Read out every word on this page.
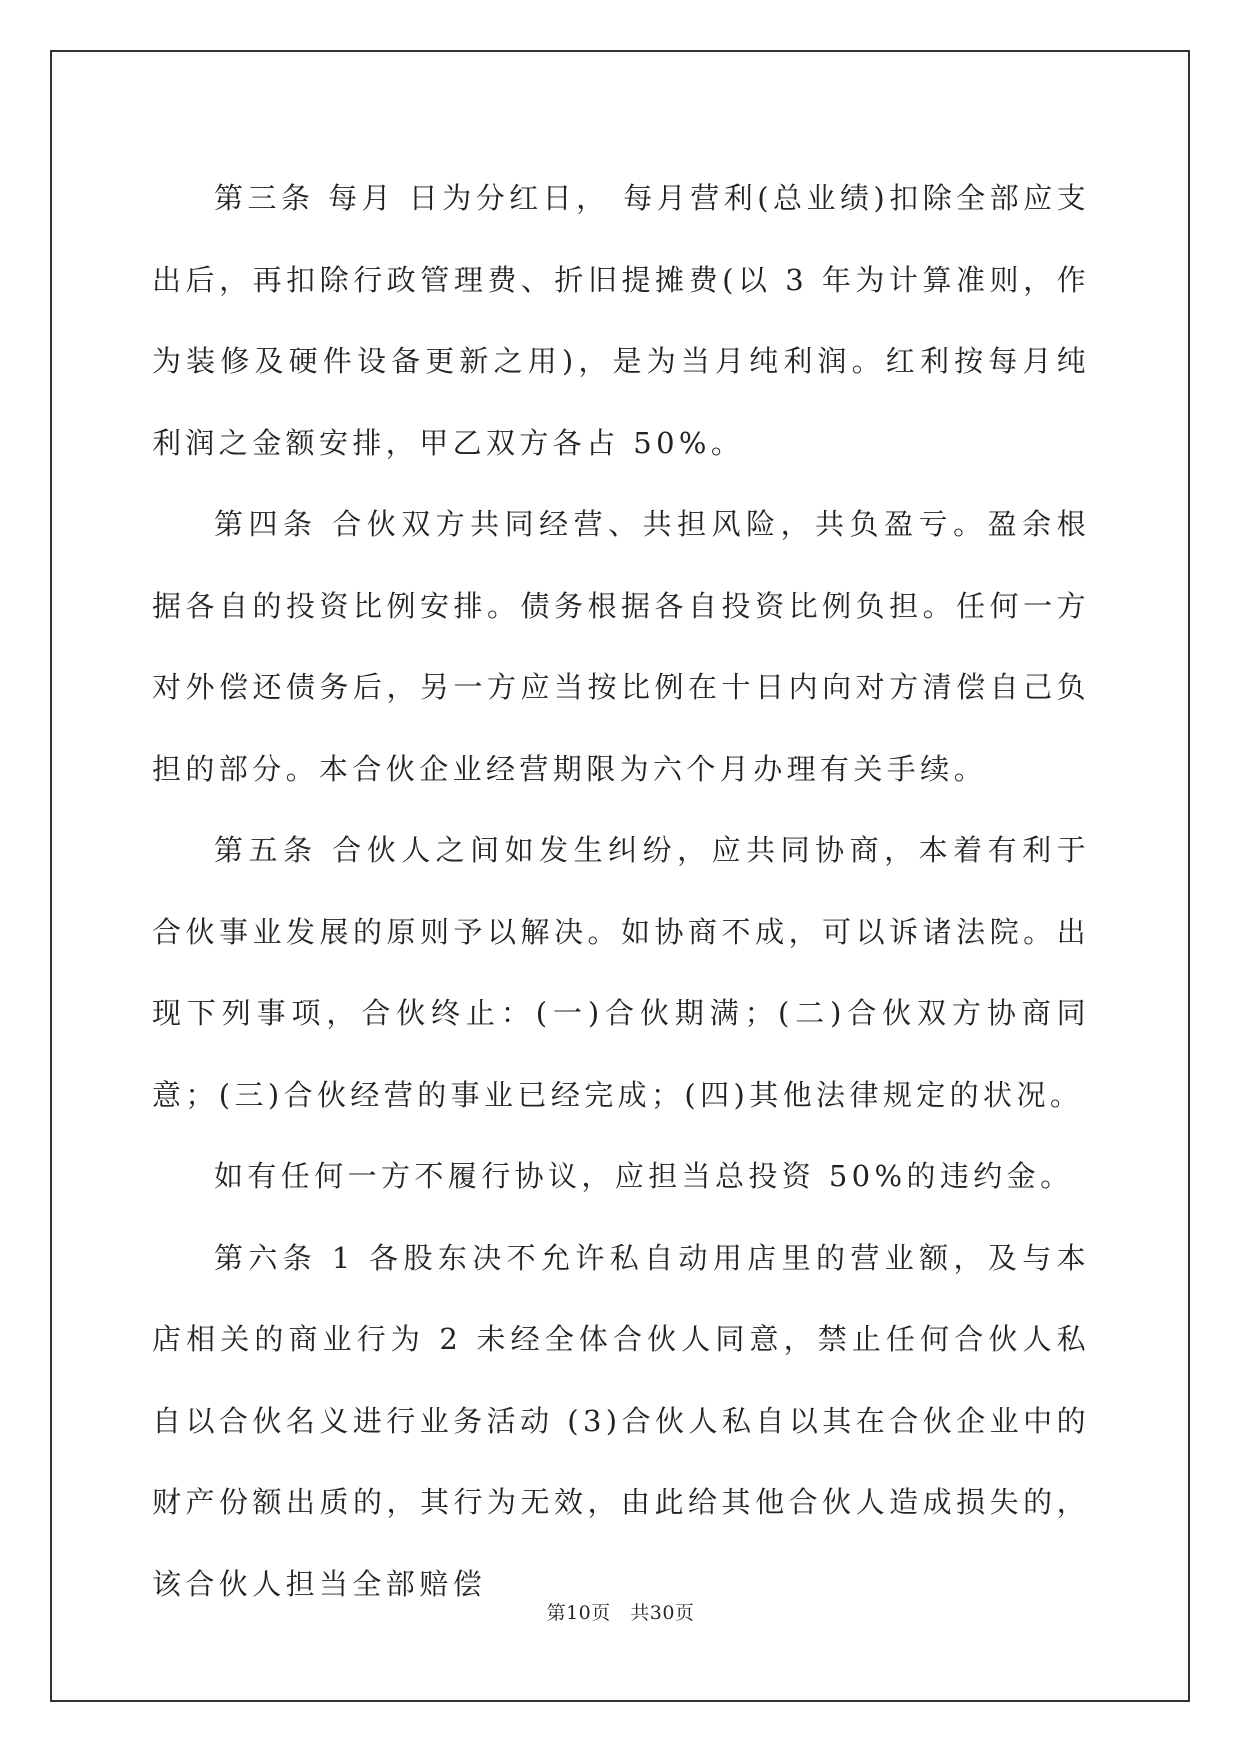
第三条 每月 日为分红日， 每月营利(总业绩)扣除全部应支出后，再扣除行政管理费、折旧提摊费(以 3 年为计算准则，作为装修及硬件设备更新之用)，是为当月纯利润。红利按每月纯利润之金额安排，甲乙双方各占 50%。

第四条 合伙双方共同经营、共担风险，共负盈亏。盈余根据各自的投资比例安排。债务根据各自投资比例负担。任何一方对外偿还债务后，另一方应当按比例在十日内向对方清偿自己负担的部分。本合伙企业经营期限为六个月办理有关手续。

第五条 合伙人之间如发生纠纷，应共同协商，本着有利于合伙事业发展的原则予以解决。如协商不成，可以诉诸法院。出现下列事项，合伙终止：(一)合伙期满；(二)合伙双方协商同意；(三)合伙经营的事业已经完成；(四)其他法律规定的状况。

如有任何一方不履行协议，应担当总投资 50%的违约金。

第六条 1 各股东决不允许私自动用店里的营业额，及与本店相关的商业行为 2 未经全体合伙人同意，禁止任何合伙人私自以合伙名义进行业务活动 (3)合伙人私自以其在合伙企业中的财产份额出质的，其行为无效，由此给其他合伙人造成损失的，该合伙人担当全部赔偿

第10页　共30页
